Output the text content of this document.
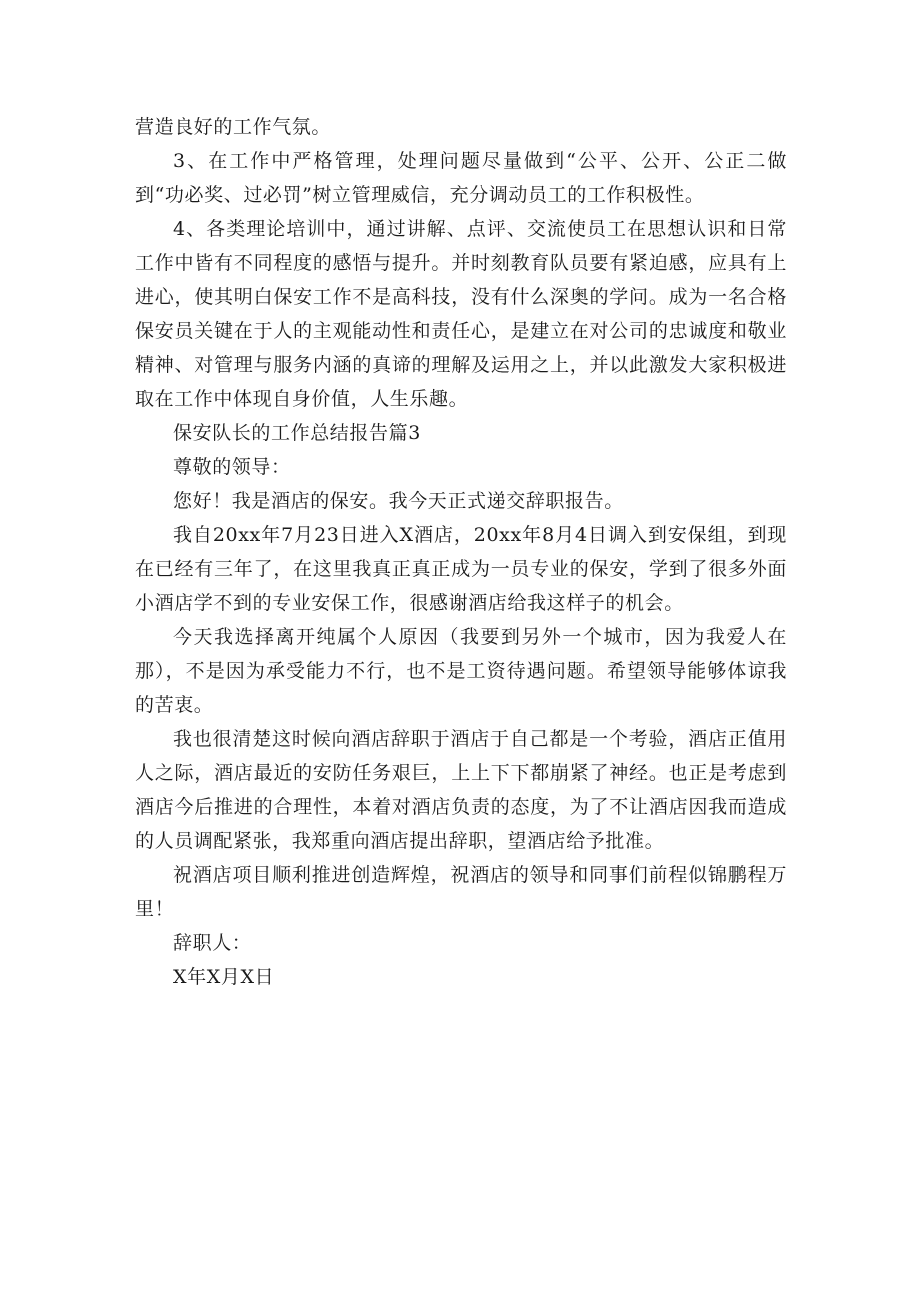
营造良好的工作气氛。

3、在工作中严格管理，处理问题尽量做到“公平、公开、公正二做到“功必奖、过必罚”树立管理威信，充分调动员工的工作积极性。

4、各类理论培训中，通过讲解、点评、交流使员工在思想认识和日常工作中皆有不同程度的感悟与提升。并时刻教育队员要有紧迫感，应具有上进心，使其明白保安工作不是高科技，没有什么深奥的学问。成为一名合格保安员关键在于人的主观能动性和责任心，是建立在对公司的忠诚度和敬业精神、对管理与服务内涵的真谛的理解及运用之上，并以此激发大家积极进取在工作中体现自身价值，人生乐趣。

保安队长的工作总结报告篇3

尊敬的领导：

您好！我是酒店的保安。我今天正式递交辞职报告。

我自20xx年7月23日进入X酒店，20xx年8月4日调入到安保组，到现在已经有三年了，在这里我真正真正成为一员专业的保安，学到了很多外面小酒店学不到的专业安保工作，很感谢酒店给我这样子的机会。

今天我选择离开纯属个人原因（我要到另外一个城市，因为我爱人在那），不是因为承受能力不行，也不是工资待遇问题。希望领导能够体谅我的苦衷。

我也很清楚这时候向酒店辞职于酒店于自己都是一个考验，酒店正值用人之际，酒店最近的安防任务艰巨，上上下下都崩紧了神经。也正是考虑到酒店今后推进的合理性，本着对酒店负责的态度，为了不让酒店因我而造成的人员调配紧张，我郑重向酒店提出辞职，望酒店给予批准。

祝酒店项目顺利推进创造辉煌，祝酒店的领导和同事们前程似锦鹏程万里！

辞职人：

X年X月X日
